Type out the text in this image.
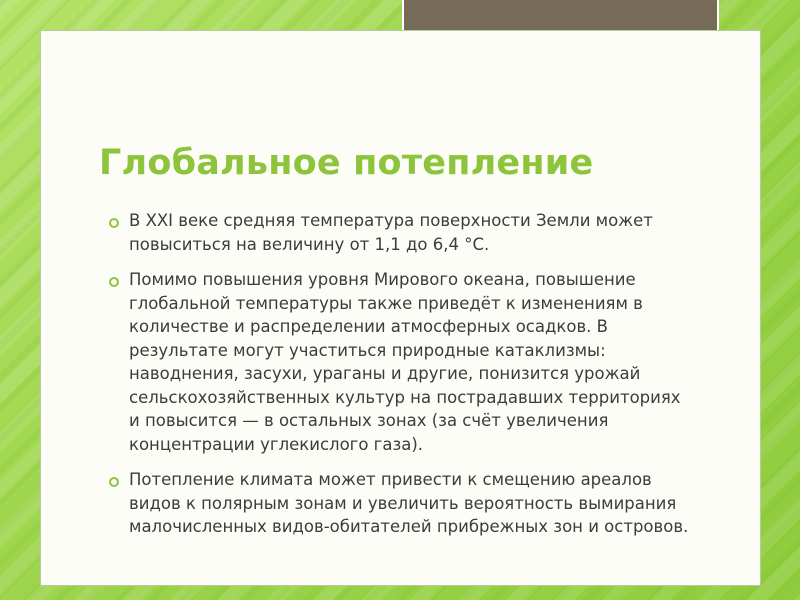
Глобальное потепление
В XXI веке средняя температура поверхности Земли может повыситься на величину от 1,1 до 6,4 °C.
Помимо повышения уровня Мирового океана, повышение глобальной температуры также приведёт к изменениям в количестве и распределении атмосферных осадков. В результате могут участиться природные катаклизмы: наводнения, засухи, ураганы и другие, понизится урожай сельскохозяйственных культур на пострадавших территориях и повысится — в остальных зонах (за счёт увеличения концентрации углекислого газа).
Потепление климата может привести к смещению ареалов видов к полярным зонам и увеличить вероятность вымирания малочисленных видов-обитателей прибрежных зон и островов.
